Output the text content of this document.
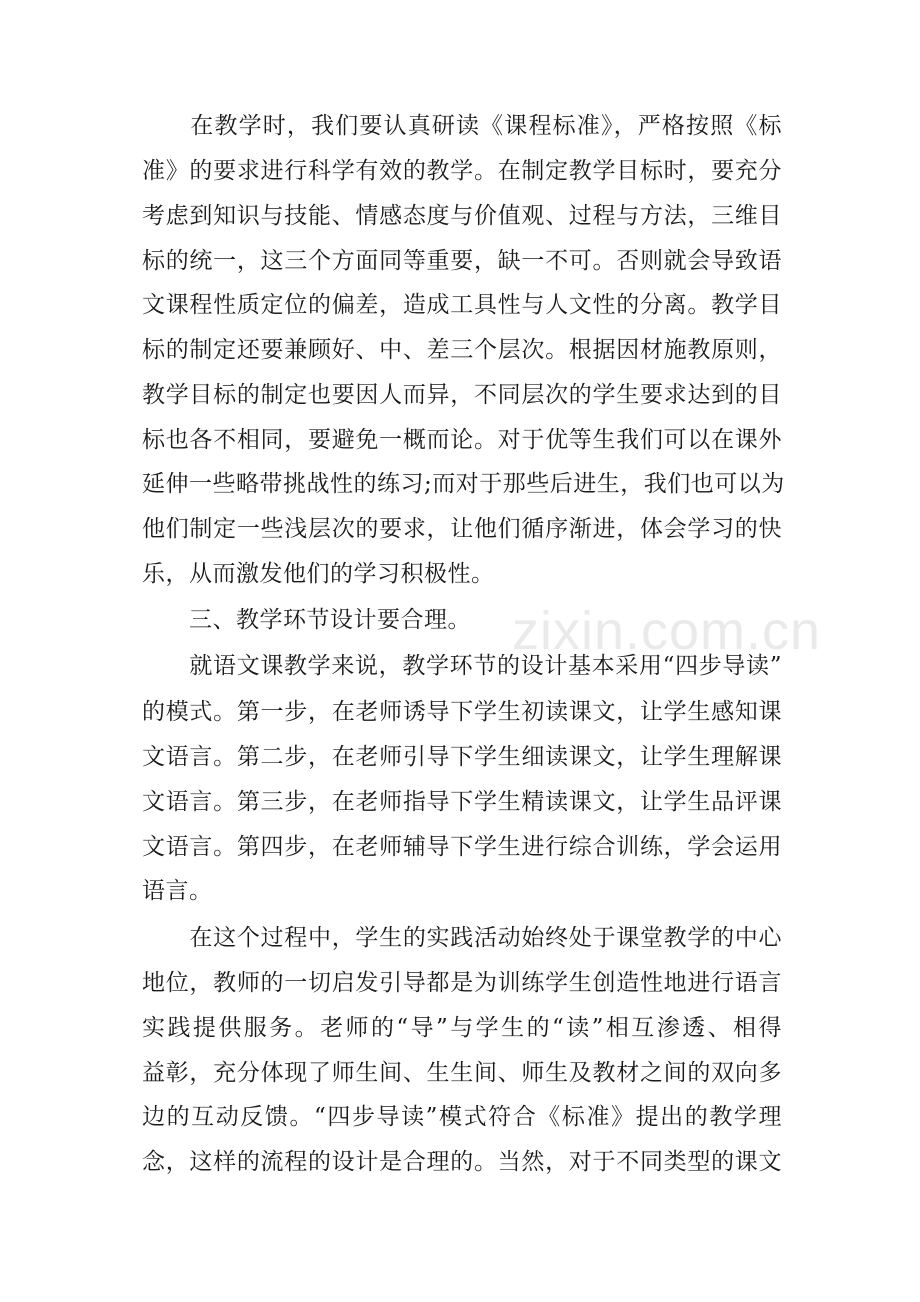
zixin.com.cn
　　在教学时，我们要认真研读《课程标准》，严格按照《标
准》的要求进行科学有效的教学。在制定教学目标时，要充分
考虑到知识与技能、情感态度与价值观、过程与方法，三维目
标的统一，这三个方面同等重要，缺一不可。否则就会导致语
文课程性质定位的偏差，造成工具性与人文性的分离。教学目
标的制定还要兼顾好、中、差三个层次。根据因材施教原则，
教学目标的制定也要因人而异，不同层次的学生要求达到的目
标也各不相同，要避免一概而论。对于优等生我们可以在课外
延伸一些略带挑战性的练习;而对于那些后进生，我们也可以为
他们制定一些浅层次的要求，让他们循序渐进，体会学习的快
乐，从而激发他们的学习积极性。
　　三、教学环节设计要合理。
　　就语文课教学来说，教学环节的设计基本采用“四步导读”
的模式。第一步，在老师诱导下学生初读课文，让学生感知课
文语言。第二步，在老师引导下学生细读课文，让学生理解课
文语言。第三步，在老师指导下学生精读课文，让学生品评课
文语言。第四步，在老师辅导下学生进行综合训练，学会运用
语言。
　　在这个过程中，学生的实践活动始终处于课堂教学的中心
地位，教师的一切启发引导都是为训练学生创造性地进行语言
实践提供服务。老师的“导”与学生的“读”相互渗透、相得
益彰，充分体现了师生间、生生间、师生及教材之间的双向多
边的互动反馈。“四步导读”模式符合《标准》提出的教学理
念，这样的流程的设计是合理的。当然，对于不同类型的课文
